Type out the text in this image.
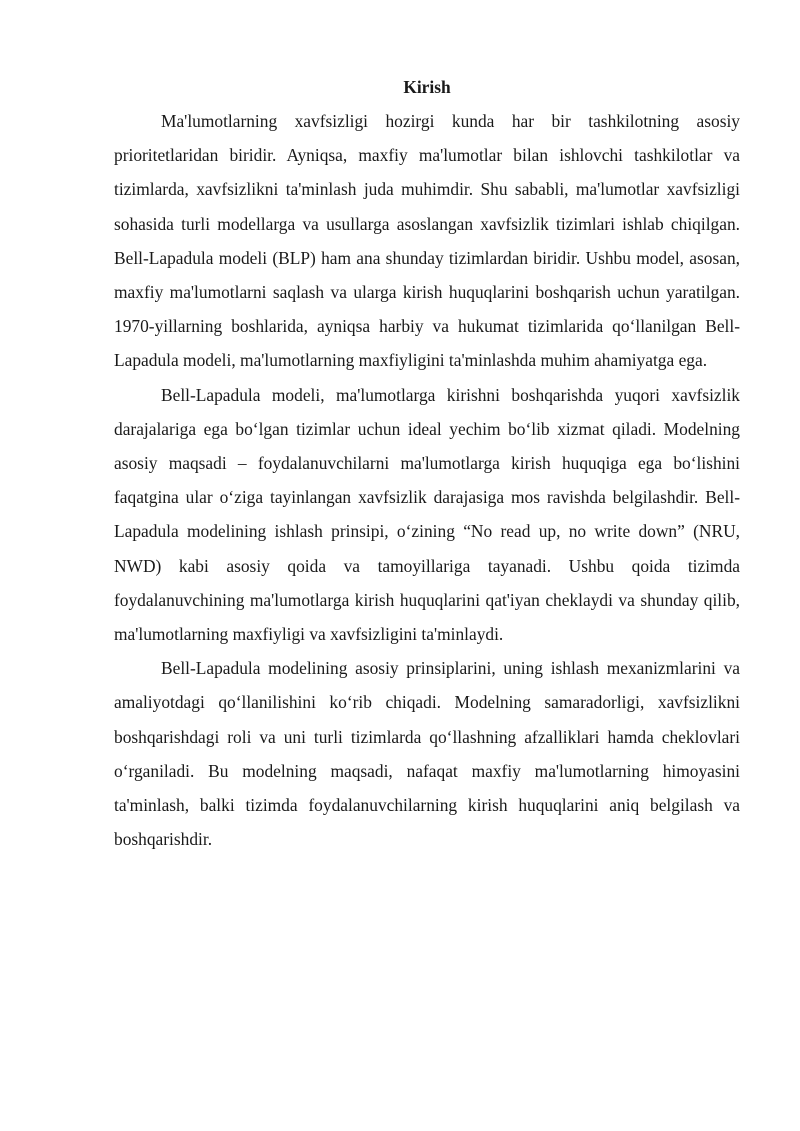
Kirish

Ma'lumotlarning xavfsizligi hozirgi kunda har bir tashkilotning asosiy prioritetlaridan biridir. Ayniqsa, maxfiy ma'lumotlar bilan ishlovchi tashkilotlar va tizimlarda, xavfsizlikni ta'minlash juda muhimdir. Shu sababli, ma'lumotlar xavfsizligi sohasida turli modellarga va usullarga asoslangan xavfsizlik tizimlari ishlab chiqilgan. Bell-Lapadula modeli (BLP) ham ana shunday tizimlardan biridir. Ushbu model, asosan, maxfiy ma'lumotlarni saqlash va ularga kirish huquqlarini boshqarish uchun yaratilgan. 1970-yillarning boshlarida, ayniqsa harbiy va hukumat tizimlarida qo‘llanilgan Bell-Lapadula modeli, ma'lumotlarning maxfiyligini ta'minlashda muhim ahamiyatga ega.

Bell-Lapadula modeli, ma'lumotlarga kirishni boshqarishda yuqori xavfsizlik darajalariga ega bo‘lgan tizimlar uchun ideal yechim bo‘lib xizmat qiladi. Modelning asosiy maqsadi – foydalanuvchilarni ma'lumotlarga kirish huquqiga ega bo‘lishini faqatgina ular o‘ziga tayinlangan xavfsizlik darajasiga mos ravishda belgilashdir. Bell-Lapadula modelining ishlash prinsipi, o‘zining “No read up, no write down” (NRU, NWD) kabi asosiy qoida va tamoyillariga tayanadi. Ushbu qoida tizimda foydalanuvchining ma'lumotlarga kirish huquqlarini qat'iyan cheklaydi va shunday qilib, ma'lumotlarning maxfiyligi va xavfsizligini ta'minlaydi.

Bell-Lapadula modelining asosiy prinsiplarini, uning ishlash mexanizmlarini va amaliyotdagi qo‘llanilishini ko‘rib chiqadi. Modelning samaradorligi, xavfsizlikni boshqarishdagi roli va uni turli tizimlarda qo‘llashning afzalliklari hamda cheklovlari o‘rganiladi. Bu modelning maqsadi, nafaqat maxfiy ma'lumotlarning himoyasini ta'minlash, balki tizimda foydalanuvchilarning kirish huquqlarini aniq belgilash va boshqarishdir.
